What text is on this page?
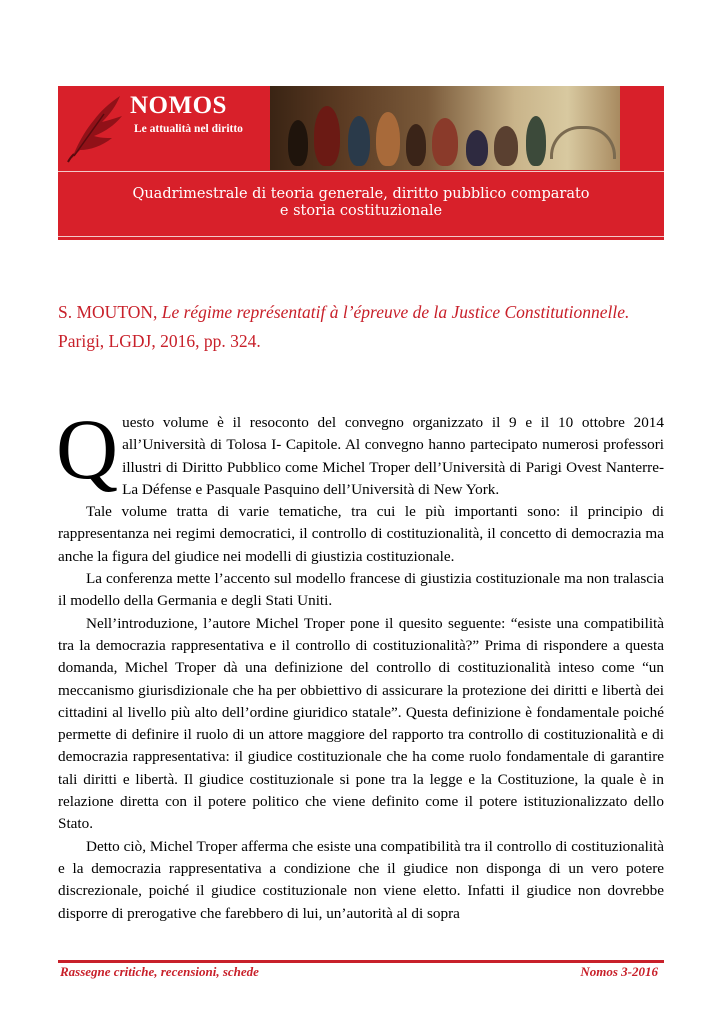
NOMOS
Le attualità nel diritto
Quadrimestrale di teoria generale, diritto pubblico comparato
e storia costituzionale
S. MOUTON, Le régime représentatif à l’épreuve de la Justice Constitutionnelle.
Parigi, LGDJ, 2016, pp. 324.

Questo volume è il resoconto del convegno organizzato il 9 e il 10 ottobre 2014 all’Università di Tolosa I- Capitole. Al convegno hanno partecipato numerosi professori illustri di Diritto Pubblico come Michel Troper dell’Università di Parigi Ovest Nanterre-La Défense e Pasquale Pasquino dell’Università di New York.

Tale volume tratta di varie tematiche, tra cui le più importanti sono: il principio di rappresentanza nei regimi democratici, il controllo di costituzionalità, il concetto di democrazia ma anche la figura del giudice nei modelli di giustizia costituzionale.

La conferenza mette l’accento sul modello francese di giustizia costituzionale ma non tralascia il modello della Germania e degli Stati Uniti.

Nell’introduzione, l’autore Michel Troper pone il quesito seguente: “esiste una compatibilità tra la democrazia rappresentativa e il controllo di costituzionalità?” Prima di rispondere a questa domanda, Michel Troper dà una definizione del controllo di costituzionalità inteso come “un meccanismo giurisdizionale che ha per obbiettivo di assicurare la protezione dei diritti e libertà dei cittadini al livello più alto dell’ordine giuridico statale”. Questa definizione è fondamentale poiché permette di definire il ruolo di un attore maggiore del rapporto tra controllo di costituzionalità e di democrazia rappresentativa: il giudice costituzionale che ha come ruolo fondamentale di garantire tali diritti e libertà. Il giudice costituzionale si pone tra la legge e la Costituzione, la quale è in relazione diretta con il potere politico che viene definito come il potere istituzionalizzato dello Stato.

Detto ciò, Michel Troper afferma che esiste una compatibilità tra il controllo di costituzionalità e la democrazia rappresentativa a condizione che il giudice non disponga di un vero potere discrezionale, poiché il giudice costituzionale non viene eletto. Infatti il giudice non dovrebbe disporre di prerogative che farebbero di lui, un’autorità al di sopra

Rassegne critiche, recensioni, schede	Nomos 3-2016
